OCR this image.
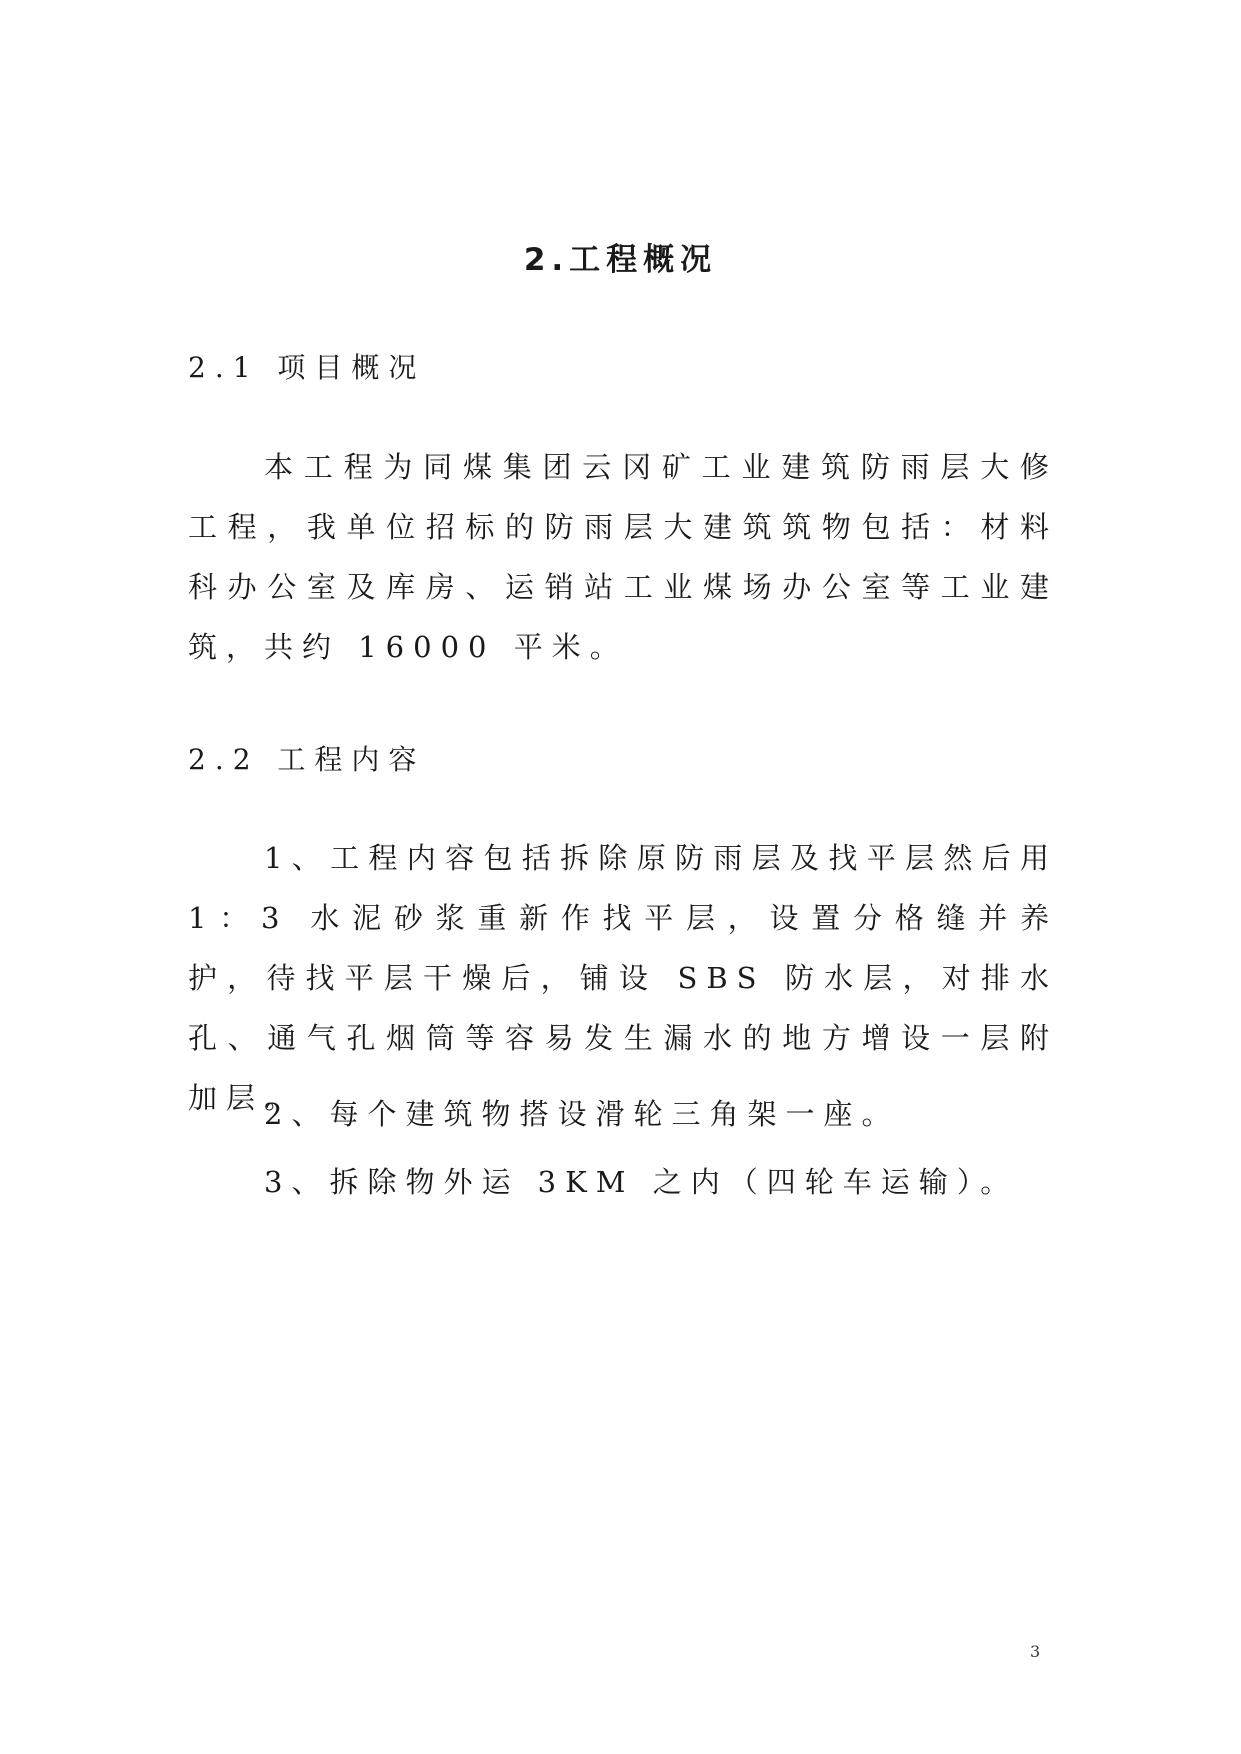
2.工程概况
2.1 项目概况

本工程为同煤集团云冈矿工业建筑防雨层大修工程，我单位招标的防雨层大建筑筑物包括：材料科办公室及库房、运销站工业煤场办公室等工业建筑，共约 16000 平米。

2.2 工程内容

1、工程内容包括拆除原防雨层及找平层然后用 1：3 水泥砂浆重新作找平层，设置分格缝并养护，待找平层干燥后，铺设 SBS 防水层，对排水孔、通气孔烟筒等容易发生漏水的地方增设一层附加层。

2、每个建筑物搭设滑轮三角架一座。

3、拆除物外运 3KM 之内（四轮车运输）。

3
